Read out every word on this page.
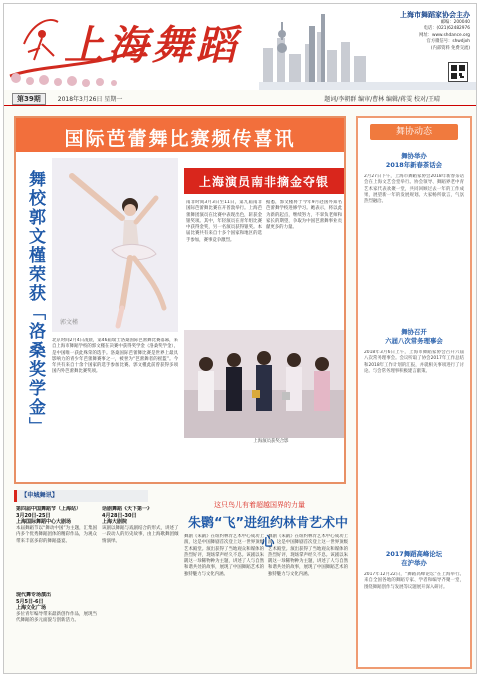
上海舞蹈
上海市舞蹈家协会主办
邮编：200040
电话：(021)62482976
网址：www.shdance.org
官方微信号：shwdjxh
(内部资料 免费交流)
第39期	2018年3月26日 星期一	题词/李朝群 编审/曹林 编辑/蒋雯 校对/王晴
国际芭蕾舞比赛频传喜讯
舞校郭文槿荣获「洛桑奖学金」	郭文槿
上海演员南非摘金夺银
南非时间3月3日至11日，第九届南非国际芭蕾舞比赛在开普敦举行。上海芭蕾舞团演员在比赛中表现出色，斩获金银奖项。其中，年轻演员在青年组比赛中获得金奖，另一名演员获得银奖。本届比赛共有来自十多个国家和地区的选手参加，赛事竞争激烈。
据悉，郭文槿将于今年9月赴国外知名芭蕾舞学校进修学习。她表示，将以此为新的起点，继续努力，不辜负老师和家长的期望，争取为中国芭蕾舞事业贡献更多的力量。
北京时间2月4日凌晨，第46届瑞士洛桑国际芭蕾舞比赛落幕，来自上海市舞蹈学校的郭文槿在决赛中获得奖学金（洛桑奖学金），是中国唯一获此殊荣的选手。洛桑国际芭蕾舞比赛是世界上最具影响力的青少年芭蕾舞赛事之一，被誉为“芭蕾舞者的摇篮”。今年共有来自十余个国家的选手参加比赛。郭文槿此前曾获得多项国内外芭蕾舞比赛奖项。
上海演员获奖合影
【申城舞讯】
第四届中国舞蹈节（上海站）
3月20日-25日
上海国际舞蹈中心大剧场
本届舞蹈节以“舞动中国”为主题，汇集国内多个优秀舞蹈团体的精彩作品，为观众带来丰富多彩的舞蹈盛宴。
现代舞专场演出
5月5日-6日
上海文化广场
多位青年编导带来最新创作作品，展现当代舞蹈的多元面貌与创新活力。
话剧舞蹈《天下第一》
4月28日-30日
上海大剧院
该剧以舞蹈与戏剧结合的形式，讲述了一段动人的历史故事，由上海歌舞团倾情演绎。
这只鸟儿有着超越国界的力量
朱鹮“飞”进纽约林肯艺术中心
舞剧《朱鹮》在纽约林肯艺术中心成功上演，这是中国舞剧首次登上这一世界顶级艺术殿堂。演出获得了当地观众和媒体的热烈好评，现场掌声经久不息。该剧以朱鹮这一珍稀物种为主题，讲述了人与自然和谐共处的故事，展现了中国舞蹈艺术的独特魅力与文化内涵。
舞剧《朱鹮》在纽约林肯艺术中心成功上演，这是中国舞剧首次登上这一世界顶级艺术殿堂。演出获得了当地观众和媒体的热烈好评，现场掌声经久不息。该剧以朱鹮这一珍稀物种为主题，讲述了人与自然和谐共处的故事，展现了中国舞蹈艺术的独特魅力与文化内涵。
舞协动态
舞协举办
2018年新春茶话会
2月27日下午，上海市舞蹈家协会2018年新春茶话会在上海文艺会堂举行。协会领导、舞蹈界老中青艺术家代表欢聚一堂，共同回顾过去一年的工作成果，展望新一年的发展规划。大家畅所欲言，气氛热烈融洽。
舞协召开
六届八次常务理事会
2018年3月6日上午，上海市舞蹈家协会召开六届八次常务理事会。会议听取了协会2017年工作总结和2018年工作计划的汇报，并就相关事项进行了讨论。与会常务理事积极建言献策。
2017舞蹈高峰论坛
在沪举办
2017年12月22日，“舞蹈高峰论坛”在上海举行。来自全国各地的舞蹈专家、学者和编导齐聚一堂，围绕舞蹈创作与发展等议题展开深入研讨。
